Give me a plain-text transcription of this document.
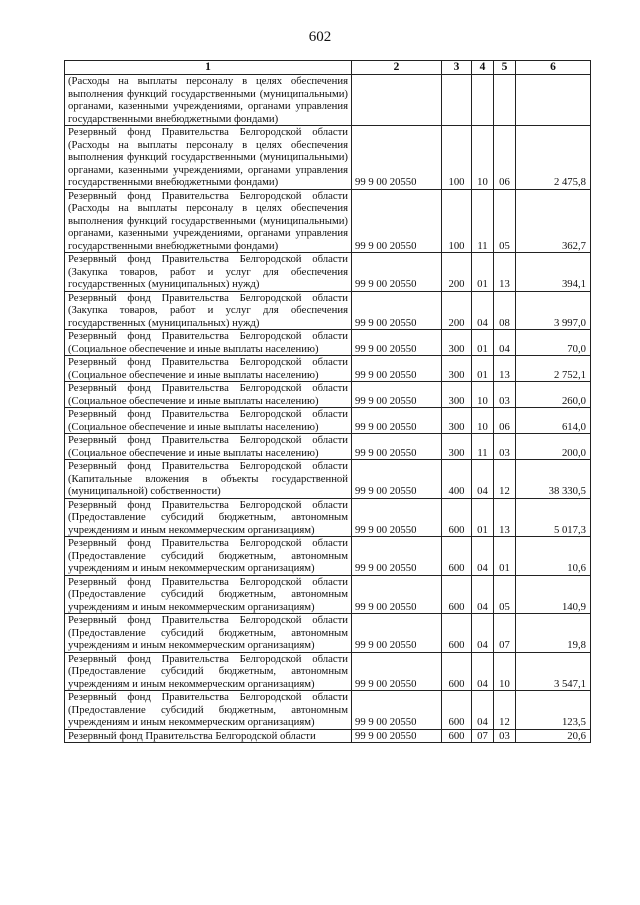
602
1	2	3	4	5	6
(Расходы на выплаты персоналу в целях обеспечения выполнения функций государственными (муниципальными) органами, казенными учреждениями, органами управления государственными внебюджетными фондами)					
Резервный фонд Правительства Белгородской области (Расходы на выплаты персоналу в целях обеспечения выполнения функций государственными (муниципальными) органами, казенными учреждениями, органами управления государственными внебюджетными фондами)	99 9 00 20550	100	10	06	2 475,8
Резервный фонд Правительства Белгородской области (Расходы на выплаты персоналу в целях обеспечения выполнения функций государственными (муниципальными) органами, казенными учреждениями, органами управления государственными внебюджетными фондами)	99 9 00 20550	100	11	05	362,7
Резервный фонд Правительства Белгородской области (Закупка товаров, работ и услуг для обеспечения государственных (муниципальных) нужд)	99 9 00 20550	200	01	13	394,1
Резервный фонд Правительства Белгородской области (Закупка товаров, работ и услуг для обеспечения государственных (муниципальных) нужд)	99 9 00 20550	200	04	08	3 997,0
Резервный фонд Правительства Белгородской области (Социальное обеспечение и иные выплаты населению)	99 9 00 20550	300	01	04	70,0
Резервный фонд Правительства Белгородской области (Социальное обеспечение и иные выплаты населению)	99 9 00 20550	300	01	13	2 752,1
Резервный фонд Правительства Белгородской области (Социальное обеспечение и иные выплаты населению)	99 9 00 20550	300	10	03	260,0
Резервный фонд Правительства Белгородской области (Социальное обеспечение и иные выплаты населению)	99 9 00 20550	300	10	06	614,0
Резервный фонд Правительства Белгородской области (Социальное обеспечение и иные выплаты населению)	99 9 00 20550	300	11	03	200,0
Резервный фонд Правительства Белгородской области (Капитальные вложения в объекты государственной (муниципальной) собственности)	99 9 00 20550	400	04	12	38 330,5
Резервный фонд Правительства Белгородской области (Предоставление субсидий бюджетным, автономным учреждениям и иным некоммерческим организациям)	99 9 00 20550	600	01	13	5 017,3
Резервный фонд Правительства Белгородской области (Предоставление субсидий бюджетным, автономным учреждениям и иным некоммерческим организациям)	99 9 00 20550	600	04	01	10,6
Резервный фонд Правительства Белгородской области (Предоставление субсидий бюджетным, автономным учреждениям и иным некоммерческим организациям)	99 9 00 20550	600	04	05	140,9
Резервный фонд Правительства Белгородской области (Предоставление субсидий бюджетным, автономным учреждениям и иным некоммерческим организациям)	99 9 00 20550	600	04	07	19,8
Резервный фонд Правительства Белгородской области (Предоставление субсидий бюджетным, автономным учреждениям и иным некоммерческим организациям)	99 9 00 20550	600	04	10	3 547,1
Резервный фонд Правительства Белгородской области (Предоставление субсидий бюджетным, автономным учреждениям и иным некоммерческим организациям)	99 9 00 20550	600	04	12	123,5
Резервный фонд Правительства Белгородской области	99 9 00 20550	600	07	03	20,6
